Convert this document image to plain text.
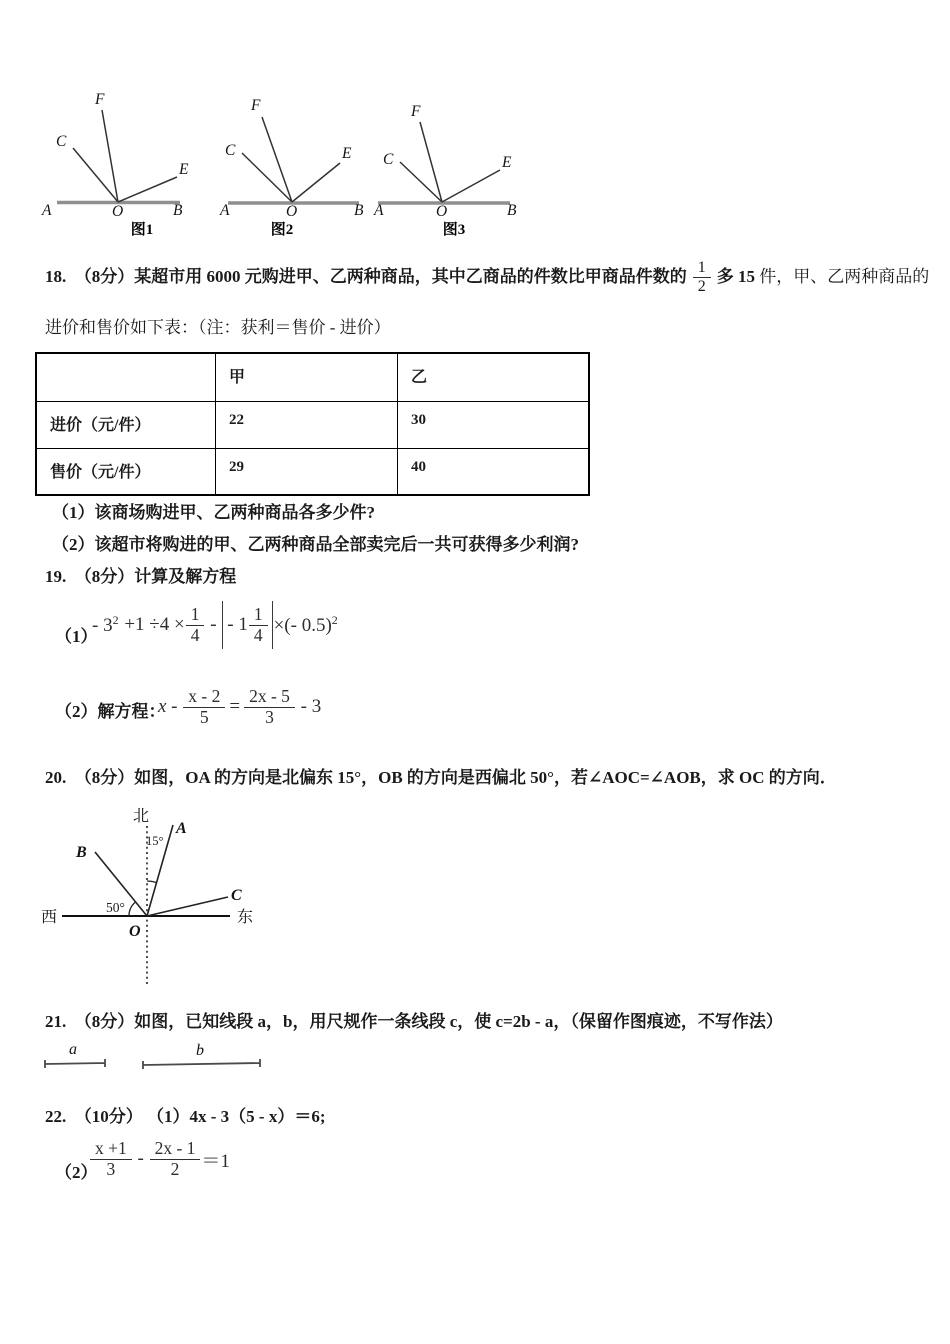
A	O	B
C
F
E
图1
A	O	B
C
F
E
图2
A	O	B
C
F
E
图3
18.  （8分）某超市用 6000 元购进甲、乙两种商品，其中乙商品的件数比甲商品件数的 $\frac{1}{2}$ 多 15 件，甲、乙两种商品的
进价和售价如下表：（注：获利＝售价 - 进价）
	甲	乙
进价（元/件）	22	30
售价（元/件）	29	40
（1）该商场购进甲、乙两种商品各多少件?
（2）该超市将购进的甲、乙两种商品全部卖完后一共可获得多少利润?
19.  （8分）计算及解方程
（1）
- $3^2 +1 \div 4 \times \frac{1}{4}$ - - $1 \frac{1}{4}$ ×(- 0.5)$^2$
（2）解方程：
$x - \frac{x - 2}{5} = \frac{2x - 5}{3} - 3$
20.  （8分）如图，OA 的方向是北偏东 15°，OB 的方向是西偏北 50°，若∠AOC=∠AOB，求 OC 的方向．
北
西	东
O
A
B
C
15°
50°
21.  （8分）如图，已知线段 a，b，用尺规作一条线段 c，使 c=2b - a，（保留作图痕迹，不写作法）
a	b
22.  （10分） （1）4x - 3（5 - x）＝6;
（2）
$\frac{x +1}{3} - \frac{2x - 1}{2} =1$
